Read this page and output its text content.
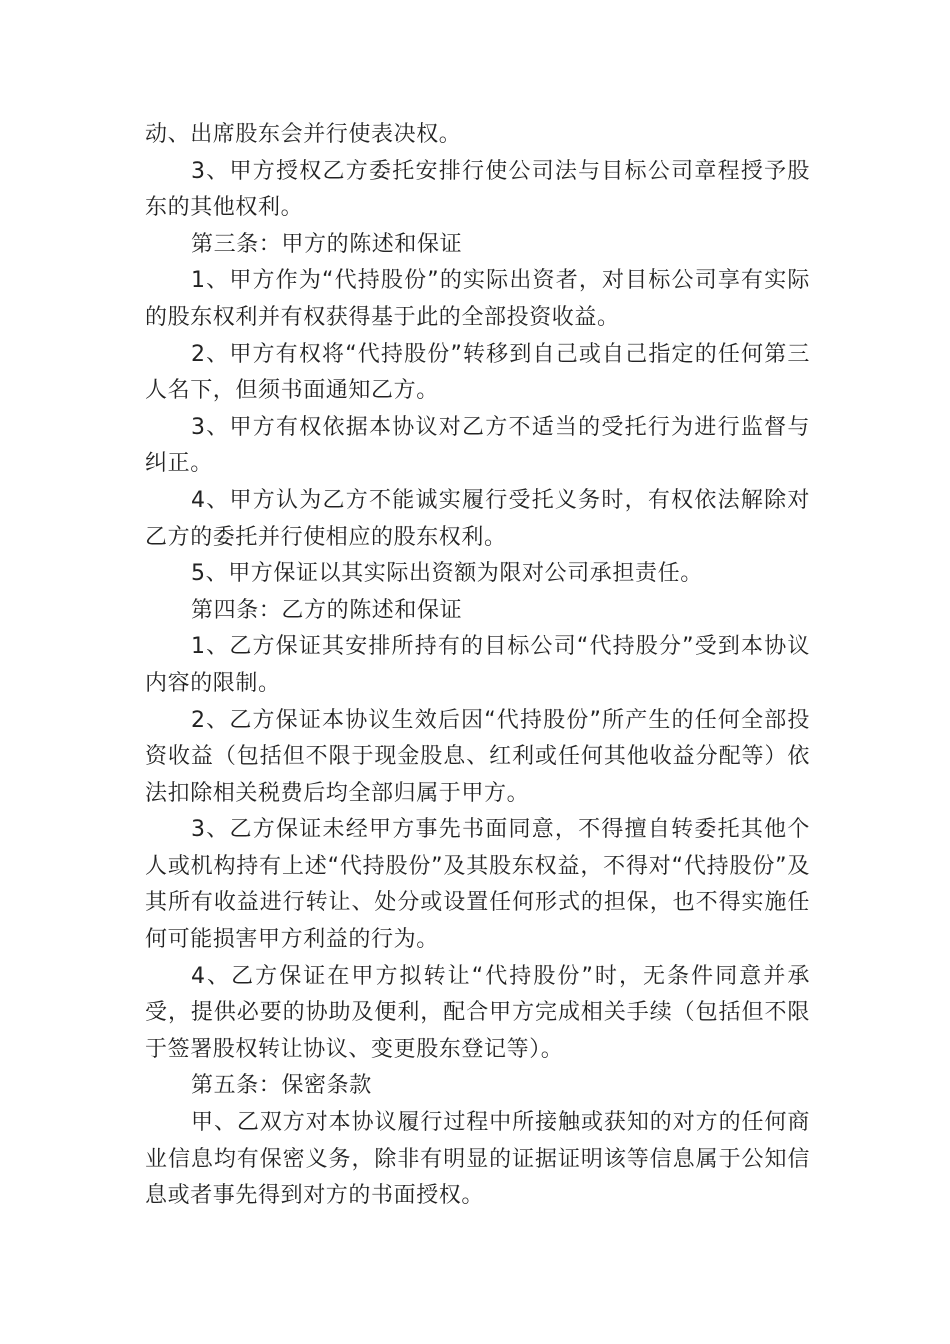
动、出席股东会并行使表决权。

3、甲方授权乙方委托安排行使公司法与目标公司章程授予股东的其他权利。

第三条：甲方的陈述和保证

1、甲方作为“代持股份”的实际出资者，对目标公司享有实际的股东权利并有权获得基于此的全部投资收益。

2、甲方有权将“代持股份”转移到自己或自己指定的任何第三人名下，但须书面通知乙方。

3、甲方有权依据本协议对乙方不适当的受托行为进行监督与纠正。

4、甲方认为乙方不能诚实履行受托义务时，有权依法解除对乙方的委托并行使相应的股东权利。

5、甲方保证以其实际出资额为限对公司承担责任。

第四条：乙方的陈述和保证

1、乙方保证其安排所持有的目标公司“代持股分”受到本协议内容的限制。

2、乙方保证本协议生效后因“代持股份”所产生的任何全部投资收益（包括但不限于现金股息、红利或任何其他收益分配等）依法扣除相关税费后均全部归属于甲方。

3、乙方保证未经甲方事先书面同意，不得擅自转委托其他个人或机构持有上述“代持股份”及其股东权益，不得对“代持股份”及其所有收益进行转让、处分或设置任何形式的担保，也不得实施任何可能损害甲方利益的行为。

4、乙方保证在甲方拟转让“代持股份”时，无条件同意并承受，提供必要的协助及便利，配合甲方完成相关手续（包括但不限于签署股权转让协议、变更股东登记等）。

第五条：保密条款

甲、乙双方对本协议履行过程中所接触或获知的对方的任何商业信息均有保密义务，除非有明显的证据证明该等信息属于公知信息或者事先得到对方的书面授权。
